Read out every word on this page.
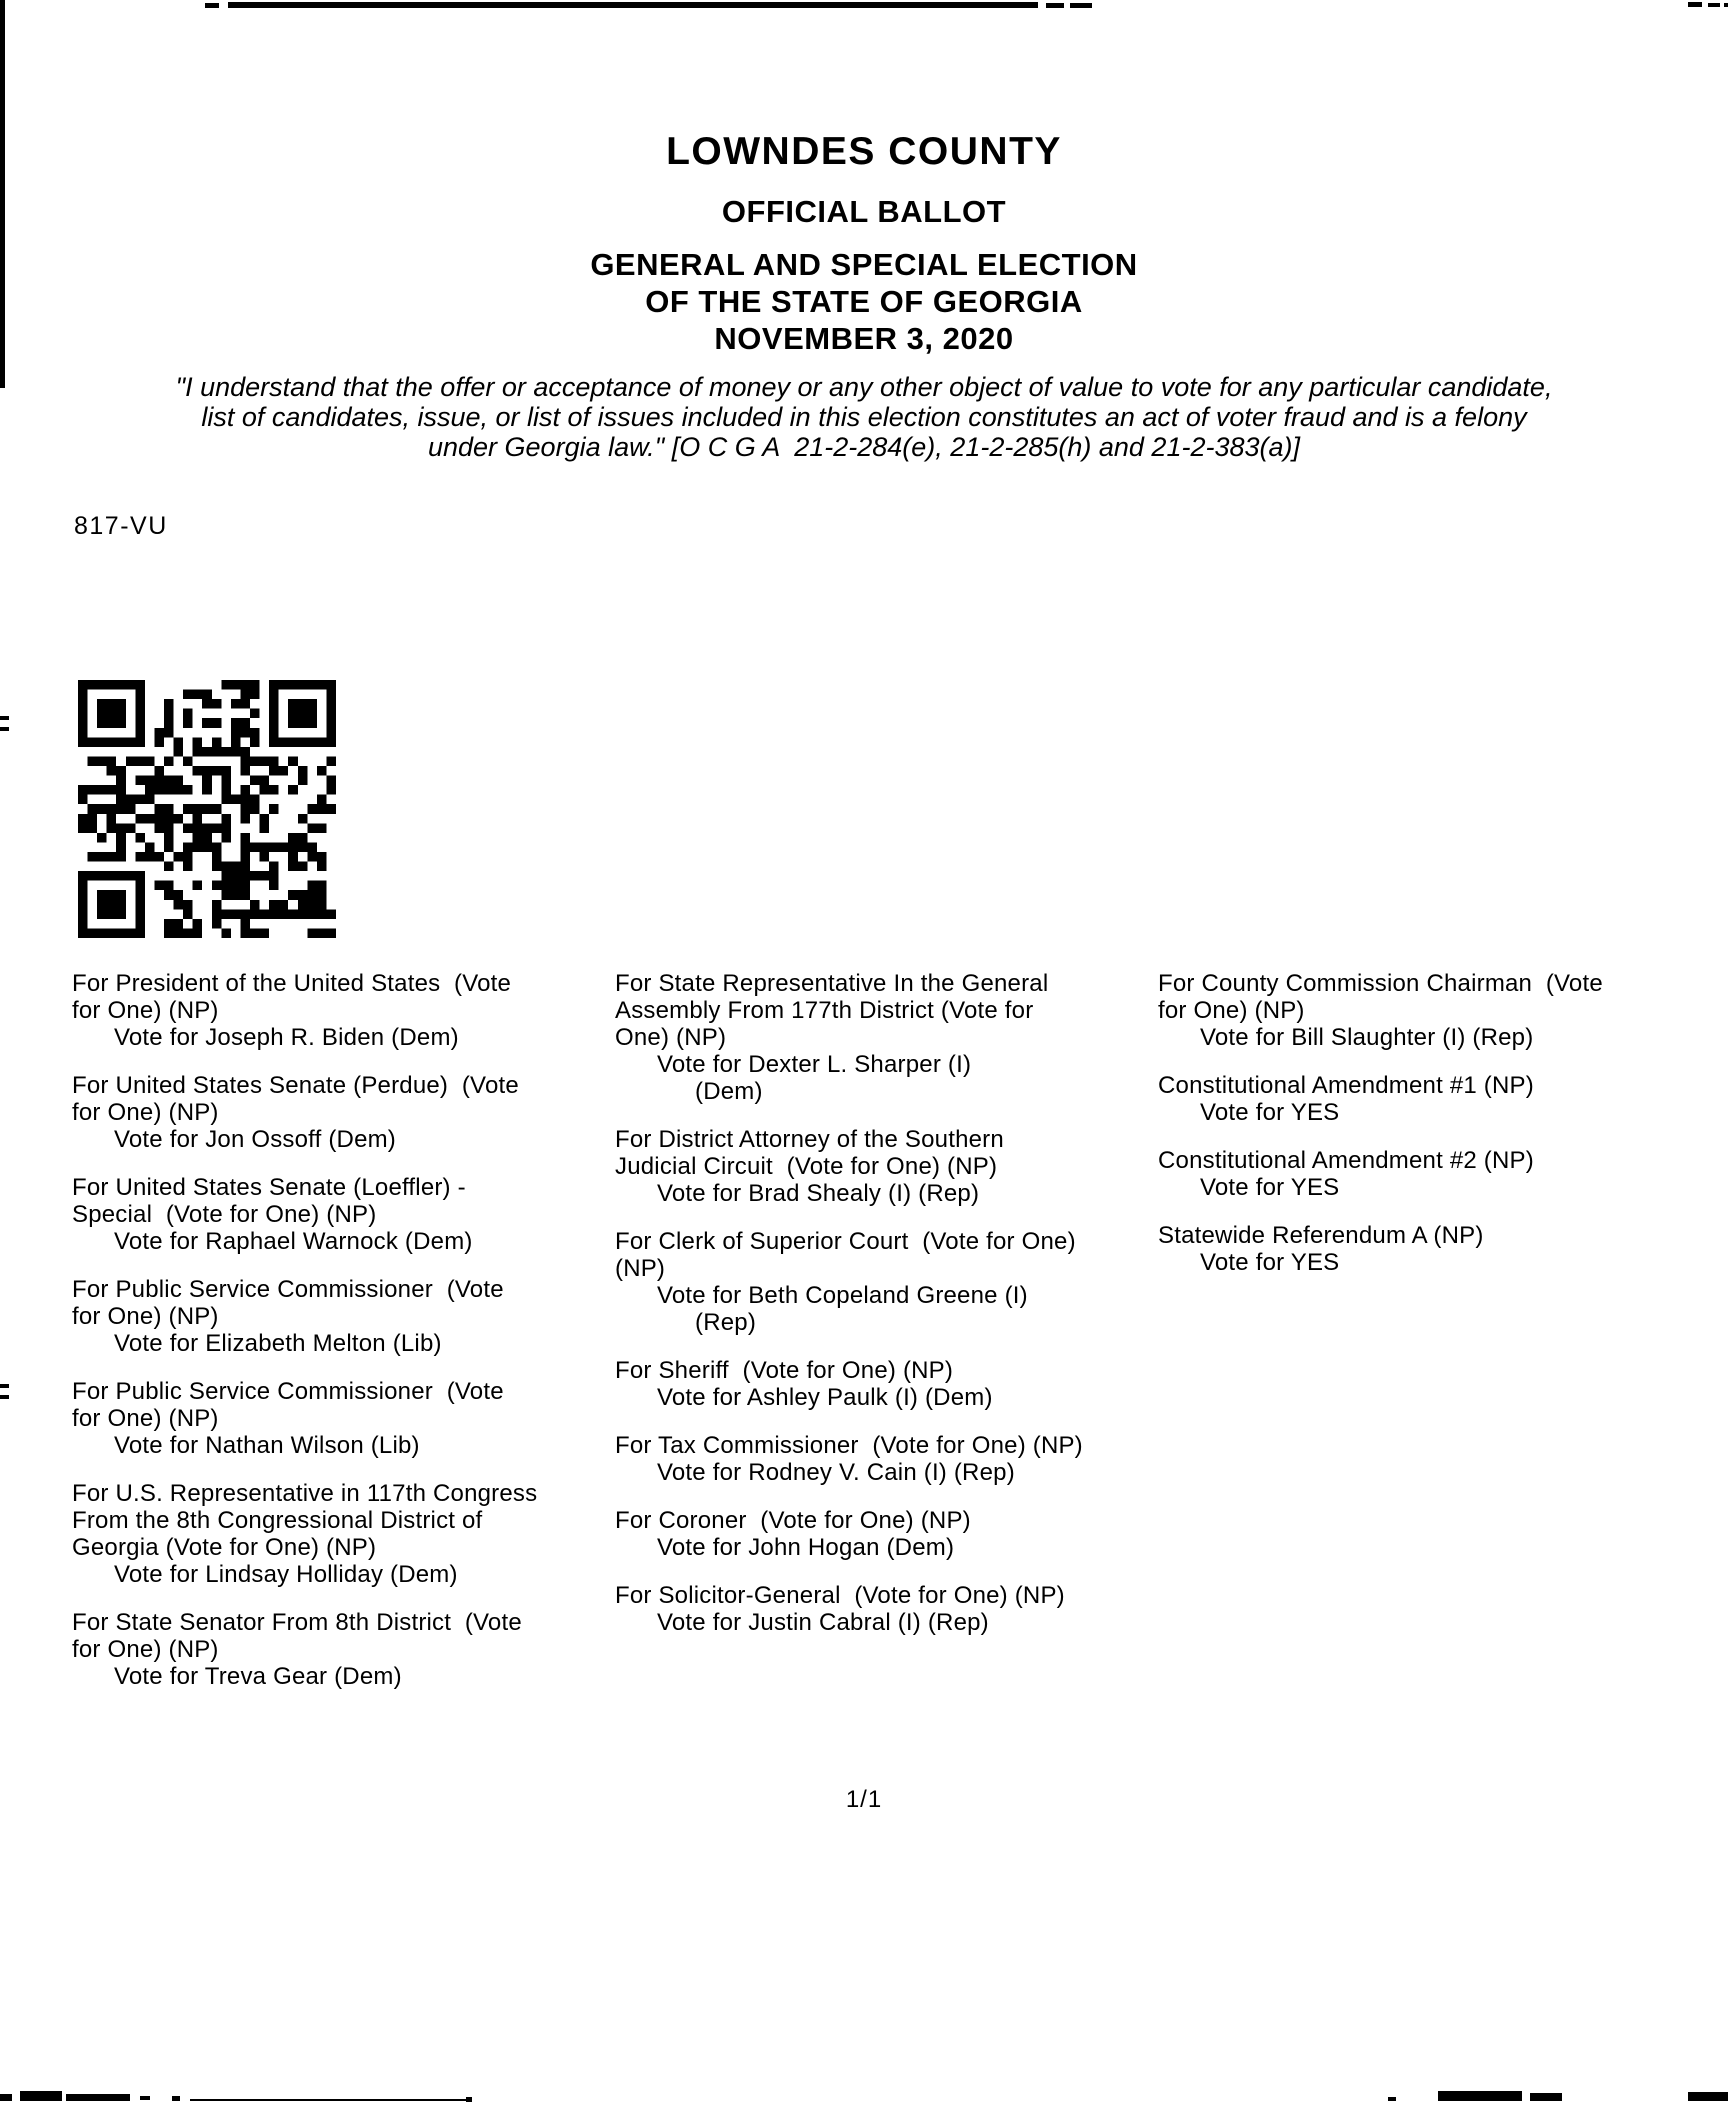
LOWNDES COUNTY
OFFICIAL BALLOT
GENERAL AND SPECIAL ELECTION
OF THE STATE OF GEORGIA
NOVEMBER 3, 2020
"I understand that the offer or acceptance of money or any other object of value to vote for any particular candidate,
list of candidates, issue, or list of issues included in this election constitutes an act of voter fraud and is a felony
under Georgia law." [O C G A  21-2-284(e), 21-2-285(h) and 21-2-383(a)]
817-VU
For President of the United States  (Vote
for One) (NP)
Vote for Joseph R. Biden (Dem)
For United States Senate (Perdue)  (Vote
for One) (NP)
Vote for Jon Ossoff (Dem)
For United States Senate (Loeffler) -
Special  (Vote for One) (NP)
Vote for Raphael Warnock (Dem)
For Public Service Commissioner  (Vote
for One) (NP)
Vote for Elizabeth Melton (Lib)
For Public Service Commissioner  (Vote
for One) (NP)
Vote for Nathan Wilson (Lib)
For U.S. Representative in 117th Congress
From the 8th Congressional District of
Georgia (Vote for One) (NP)
Vote for Lindsay Holliday (Dem)
For State Senator From 8th District  (Vote
for One) (NP)
Vote for Treva Gear (Dem)
For State Representative In the General
Assembly From 177th District (Vote for
One) (NP)
Vote for Dexter L. Sharper (I)
(Dem)
For District Attorney of the Southern
Judicial Circuit  (Vote for One) (NP)
Vote for Brad Shealy (I) (Rep)
For Clerk of Superior Court  (Vote for One)
(NP)
Vote for Beth Copeland Greene (I)
(Rep)
For Sheriff  (Vote for One) (NP)
Vote for Ashley Paulk (I) (Dem)
For Tax Commissioner  (Vote for One) (NP)
Vote for Rodney V. Cain (I) (Rep)
For Coroner  (Vote for One) (NP)
Vote for John Hogan (Dem)
For Solicitor-General  (Vote for One) (NP)
Vote for Justin Cabral (I) (Rep)
For County Commission Chairman  (Vote
for One) (NP)
Vote for Bill Slaughter (I) (Rep)
Constitutional Amendment #1 (NP)
Vote for YES
Constitutional Amendment #2 (NP)
Vote for YES
Statewide Referendum A (NP)
Vote for YES
1/1
